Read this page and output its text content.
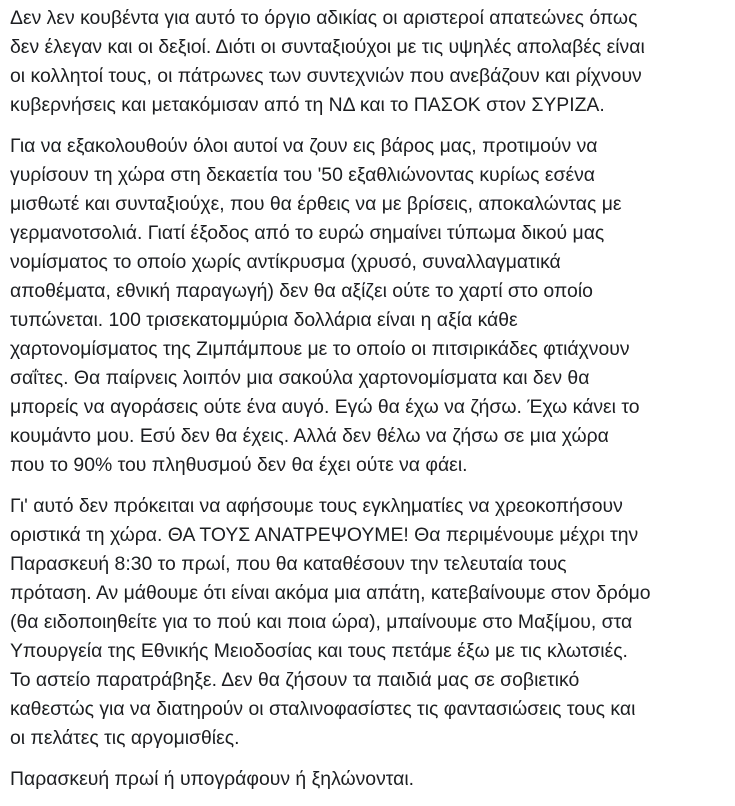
Δεν λεν κουβέντα για αυτό το όργιο αδικίας οι αριστεροί απατεώνες όπως
δεν έλεγαν και οι δεξιοί. Διότι οι συνταξιούχοι με τις υψηλές απολαβές είναι
οι κολλητοί τους, οι πάτρωνες των συντεχνιών που ανεβάζουν και ρίχνουν
κυβερνήσεις και μετακόμισαν από τη ΝΔ και το ΠΑΣΟΚ στον ΣΥΡΙΖΑ.
Για να εξακολουθούν όλοι αυτοί να ζουν εις βάρος μας, προτιμούν να
γυρίσουν τη χώρα στη δεκαετία του '50 εξαθλιώνοντας κυρίως εσένα
μισθωτέ και συνταξιούχε, που θα έρθεις να με βρίσεις, αποκαλώντας με
γερμανοτσολιά. Γιατί έξοδος από το ευρώ σημαίνει τύπωμα δικού μας
νομίσματος το οποίο χωρίς αντίκρυσμα (χρυσό, συναλλαγματικά
αποθέματα, εθνική παραγωγή) δεν θα αξίζει ούτε το χαρτί στο οποίο
τυπώνεται. 100 τρισεκατομμύρια δολλάρια είναι η αξία κάθε
χαρτονομίσματος της Ζιμπάμπουε με το οποίο οι πιτσιρικάδες φτιάχνουν
σαΐτες. Θα παίρνεις λοιπόν μια σακούλα χαρτονομίσματα και δεν θα
μπορείς να αγοράσεις ούτε ένα αυγό. Εγώ θα έχω να ζήσω. Έχω κάνει το
κουμάντο μου. Εσύ δεν θα έχεις. Αλλά δεν θέλω να ζήσω σε μια χώρα
που το 90% του πληθυσμού δεν θα έχει ούτε να φάει.
Γι' αυτό δεν πρόκειται να αφήσουμε τους εγκληματίες να χρεοκοπήσουν
οριστικά τη χώρα. ΘΑ ΤΟΥΣ ΑΝΑΤΡΕΨΟΥΜΕ! Θα περιμένουμε μέχρι την
Παρασκευή 8:30 το πρωί, που θα καταθέσουν την τελευταία τους
πρόταση. Αν μάθουμε ότι είναι ακόμα μια απάτη, κατεβαίνουμε στον δρόμο
(θα ειδοποιηθείτε για το πού και ποια ώρα), μπαίνουμε στο Μαξίμου, στα
Υπουργεία της Εθνικής Μειοδοσίας και τους πετάμε έξω με τις κλωτσιές.
Το αστείο παρατράβηξε. Δεν θα ζήσουν τα παιδιά μας σε σοβιετικό
καθεστώς για να διατηρούν οι σταλινοφασίστες τις φαντασιώσεις τους και
οι πελάτες τις αργομισθίες.
Παρασκευή πρωί ή υπογράφουν ή ξηλώνονται.
